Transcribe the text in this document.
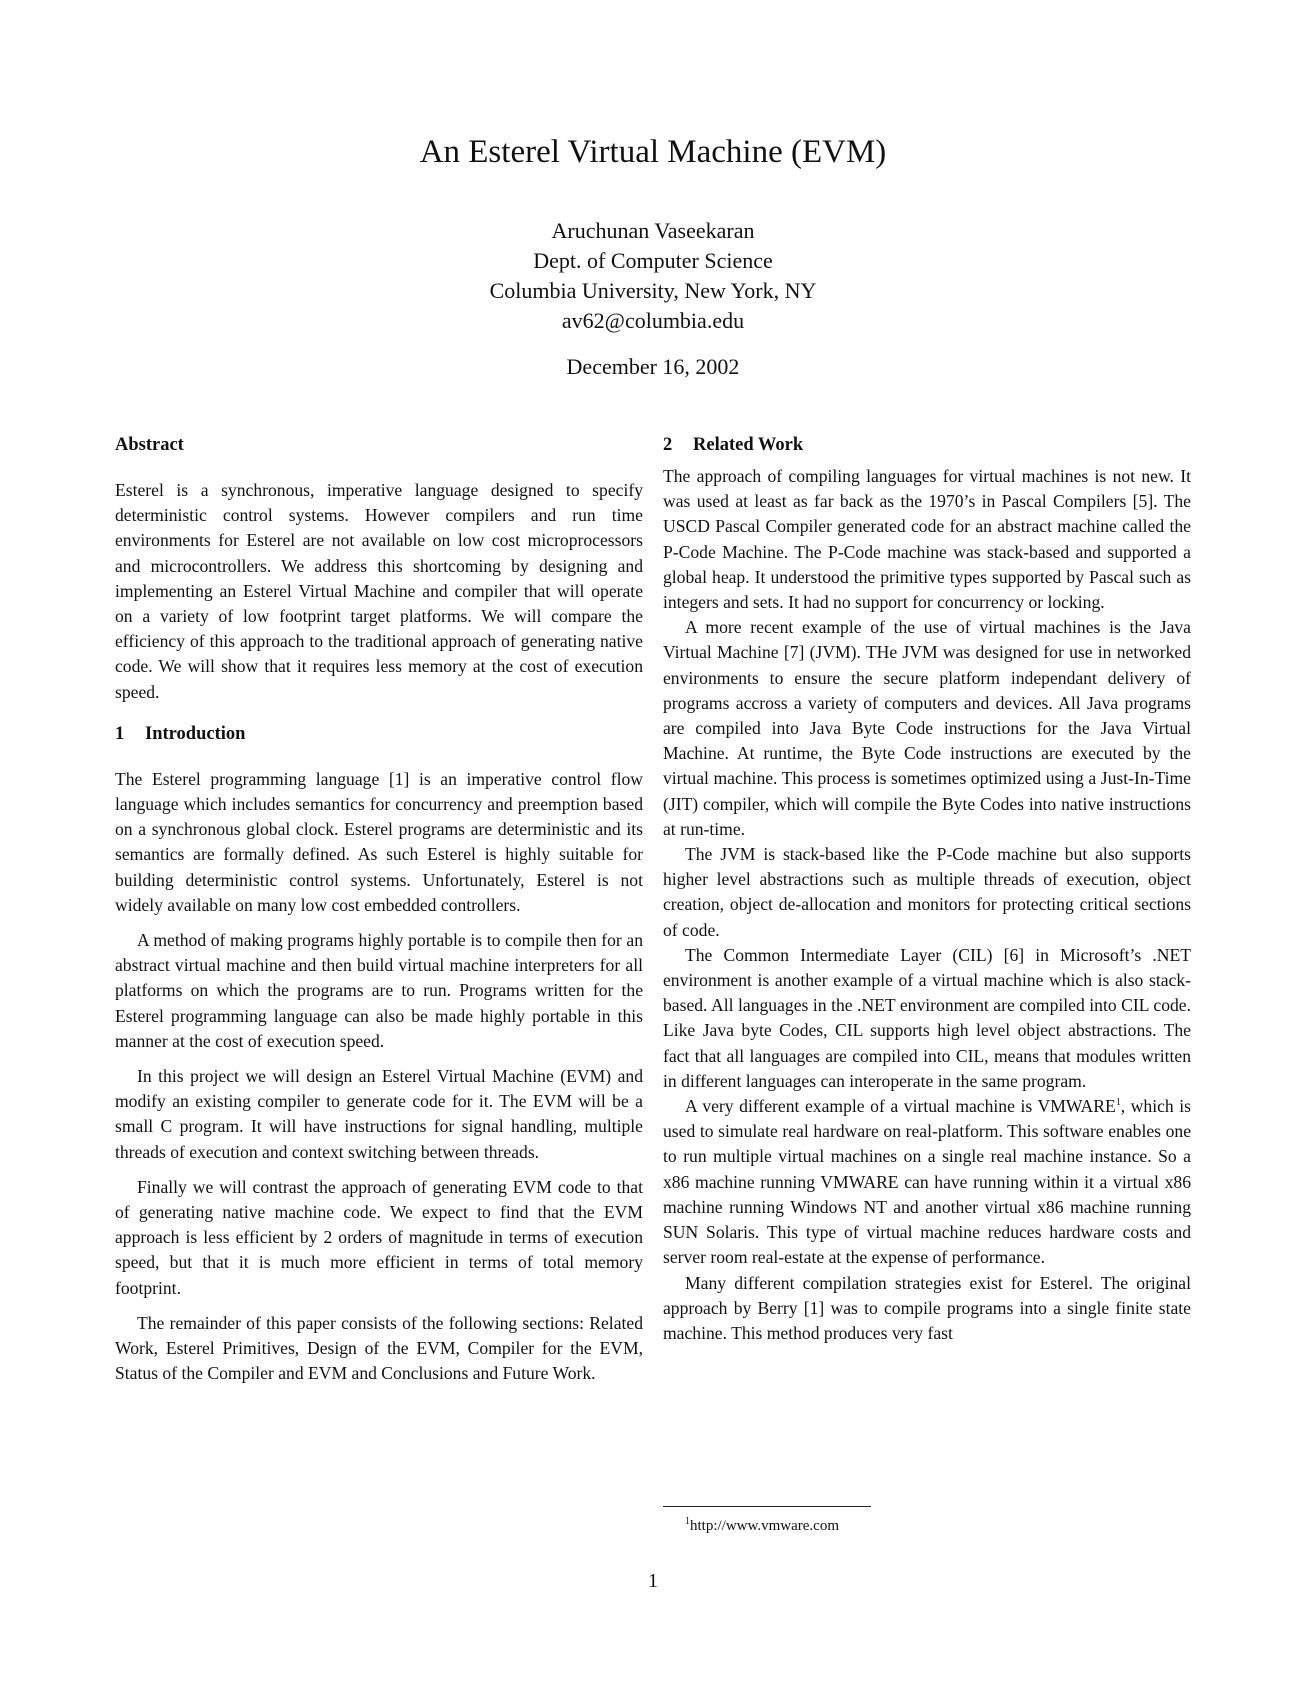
An Esterel Virtual Machine (EVM)
Aruchunan Vaseekaran
Dept. of Computer Science
Columbia University, New York, NY
av62@columbia.edu
December 16, 2002
Abstract

Esterel is a synchronous, imperative language designed to specify deterministic control systems. However compilers and run time environments for Esterel are not available on low cost microprocessors and microcontrollers. We address this shortcoming by designing and implementing an Esterel Virtual Machine and compiler that will operate on a variety of low footprint target platforms. We will compare the efficiency of this approach to the traditional approach of generating native code. We will show that it requires less memory at the cost of execution speed.

1 Introduction

The Esterel programming language [1] is an imperative control flow language which includes semantics for concurrency and preemption based on a synchronous global clock. Esterel programs are deterministic and its semantics are formally defined. As such Esterel is highly suitable for building deterministic control systems. Unfortunately, Esterel is not widely available on many low cost embedded controllers.

A method of making programs highly portable is to compile then for an abstract virtual machine and then build virtual machine interpreters for all platforms on which the programs are to run. Programs written for the Esterel programming language can also be made highly portable in this manner at the cost of execution speed.

In this project we will design an Esterel Virtual Machine (EVM) and modify an existing compiler to generate code for it. The EVM will be a small C program. It will have instructions for signal handling, multiple threads of execution and context switching between threads.

Finally we will contrast the approach of generating EVM code to that of generating native machine code. We expect to find that the EVM approach is less efficient by 2 orders of magnitude in terms of execution speed, but that it is much more efficient in terms of total memory footprint.

The remainder of this paper consists of the following sections: Related Work, Esterel Primitives, Design of the EVM, Compiler for the EVM, Status of the Compiler and EVM and Conclusions and Future Work.

2 Related Work

The approach of compiling languages for virtual machines is not new. It was used at least as far back as the 1970’s in Pascal Compilers [5]. The USCD Pascal Compiler generated code for an abstract machine called the P-Code Machine. The P-Code machine was stack-based and supported a global heap. It understood the primitive types supported by Pascal such as integers and sets. It had no support for concurrency or locking.

A more recent example of the use of virtual machines is the Java Virtual Machine [7] (JVM). THe JVM was designed for use in networked environments to ensure the secure platform independant delivery of programs accross a variety of computers and devices. All Java programs are compiled into Java Byte Code instructions for the Java Virtual Machine. At runtime, the Byte Code instructions are executed by the virtual machine. This process is sometimes optimized using a Just-In-Time (JIT) compiler, which will compile the Byte Codes into native instructions at run-time.

The JVM is stack-based like the P-Code machine but also supports higher level abstractions such as multiple threads of execution, object creation, object de-allocation and monitors for protecting critical sections of code.

The Common Intermediate Layer (CIL) [6] in Microsoft’s .NET environment is another example of a virtual machine which is also stack-based. All languages in the .NET environment are compiled into CIL code. Like Java byte Codes, CIL supports high level object abstractions. The fact that all languages are compiled into CIL, means that modules written in different languages can interoperate in the same program.

A very different example of a virtual machine is VMWARE$^1$, which is used to simulate real hardware on real-platform. This software enables one to run multiple virtual machines on a single real machine instance. So a x86 machine running VMWARE can have running within it a virtual x86 machine running Windows NT and another virtual x86 machine running SUN Solaris. This type of virtual machine reduces hardware costs and server room real-estate at the expense of performance.

Many different compilation strategies exist for Esterel. The original approach by Berry [1] was to compile programs into a single finite state machine. This method produces very fast

$^1$http://www.vmware.com
1
